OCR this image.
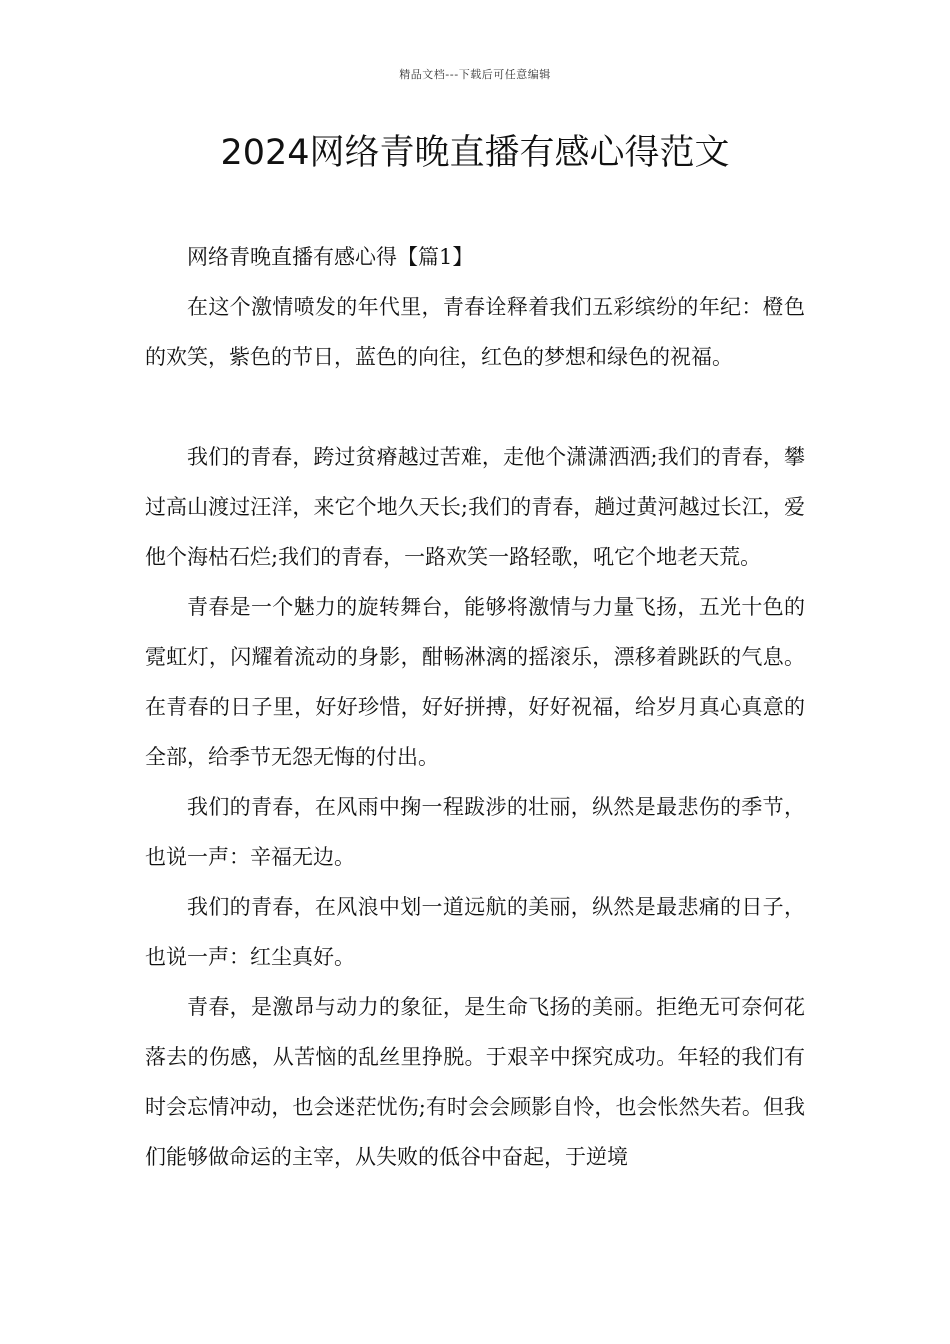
精品文档---下载后可任意编辑
2024网络青晚直播有感心得范文

网络青晚直播有感心得【篇1】

在这个激情喷发的年代里，青春诠释着我们五彩缤纷的年纪：橙色的欢笑，紫色的节日，蓝色的向往，红色的梦想和绿色的祝福。

我们的青春，跨过贫瘠越过苦难，走他个潇潇洒洒;我们的青春，攀过高山渡过汪洋，来它个地久天长;我们的青春，趟过黄河越过长江，爱他个海枯石烂;我们的青春，一路欢笑一路轻歌，吼它个地老天荒。

青春是一个魅力的旋转舞台，能够将激情与力量飞扬，五光十色的霓虹灯，闪耀着流动的身影，酣畅淋漓的摇滚乐，漂移着跳跃的气息。在青春的日子里，好好珍惜，好好拼搏，好好祝福，给岁月真心真意的全部，给季节无怨无悔的付出。

我们的青春，在风雨中掬一程跋涉的壮丽，纵然是最悲伤的季节，也说一声：辛福无边。

我们的青春，在风浪中划一道远航的美丽，纵然是最悲痛的日子，也说一声：红尘真好。

青春，是激昂与动力的象征，是生命飞扬的美丽。拒绝无可奈何花落去的伤感，从苦恼的乱丝里挣脱。于艰辛中探究成功。年轻的我们有时会忘情冲动，也会迷茫忧伤;有时会会顾影自怜，也会怅然失若。但我们能够做命运的主宰，从失败的低谷中奋起，于逆境
